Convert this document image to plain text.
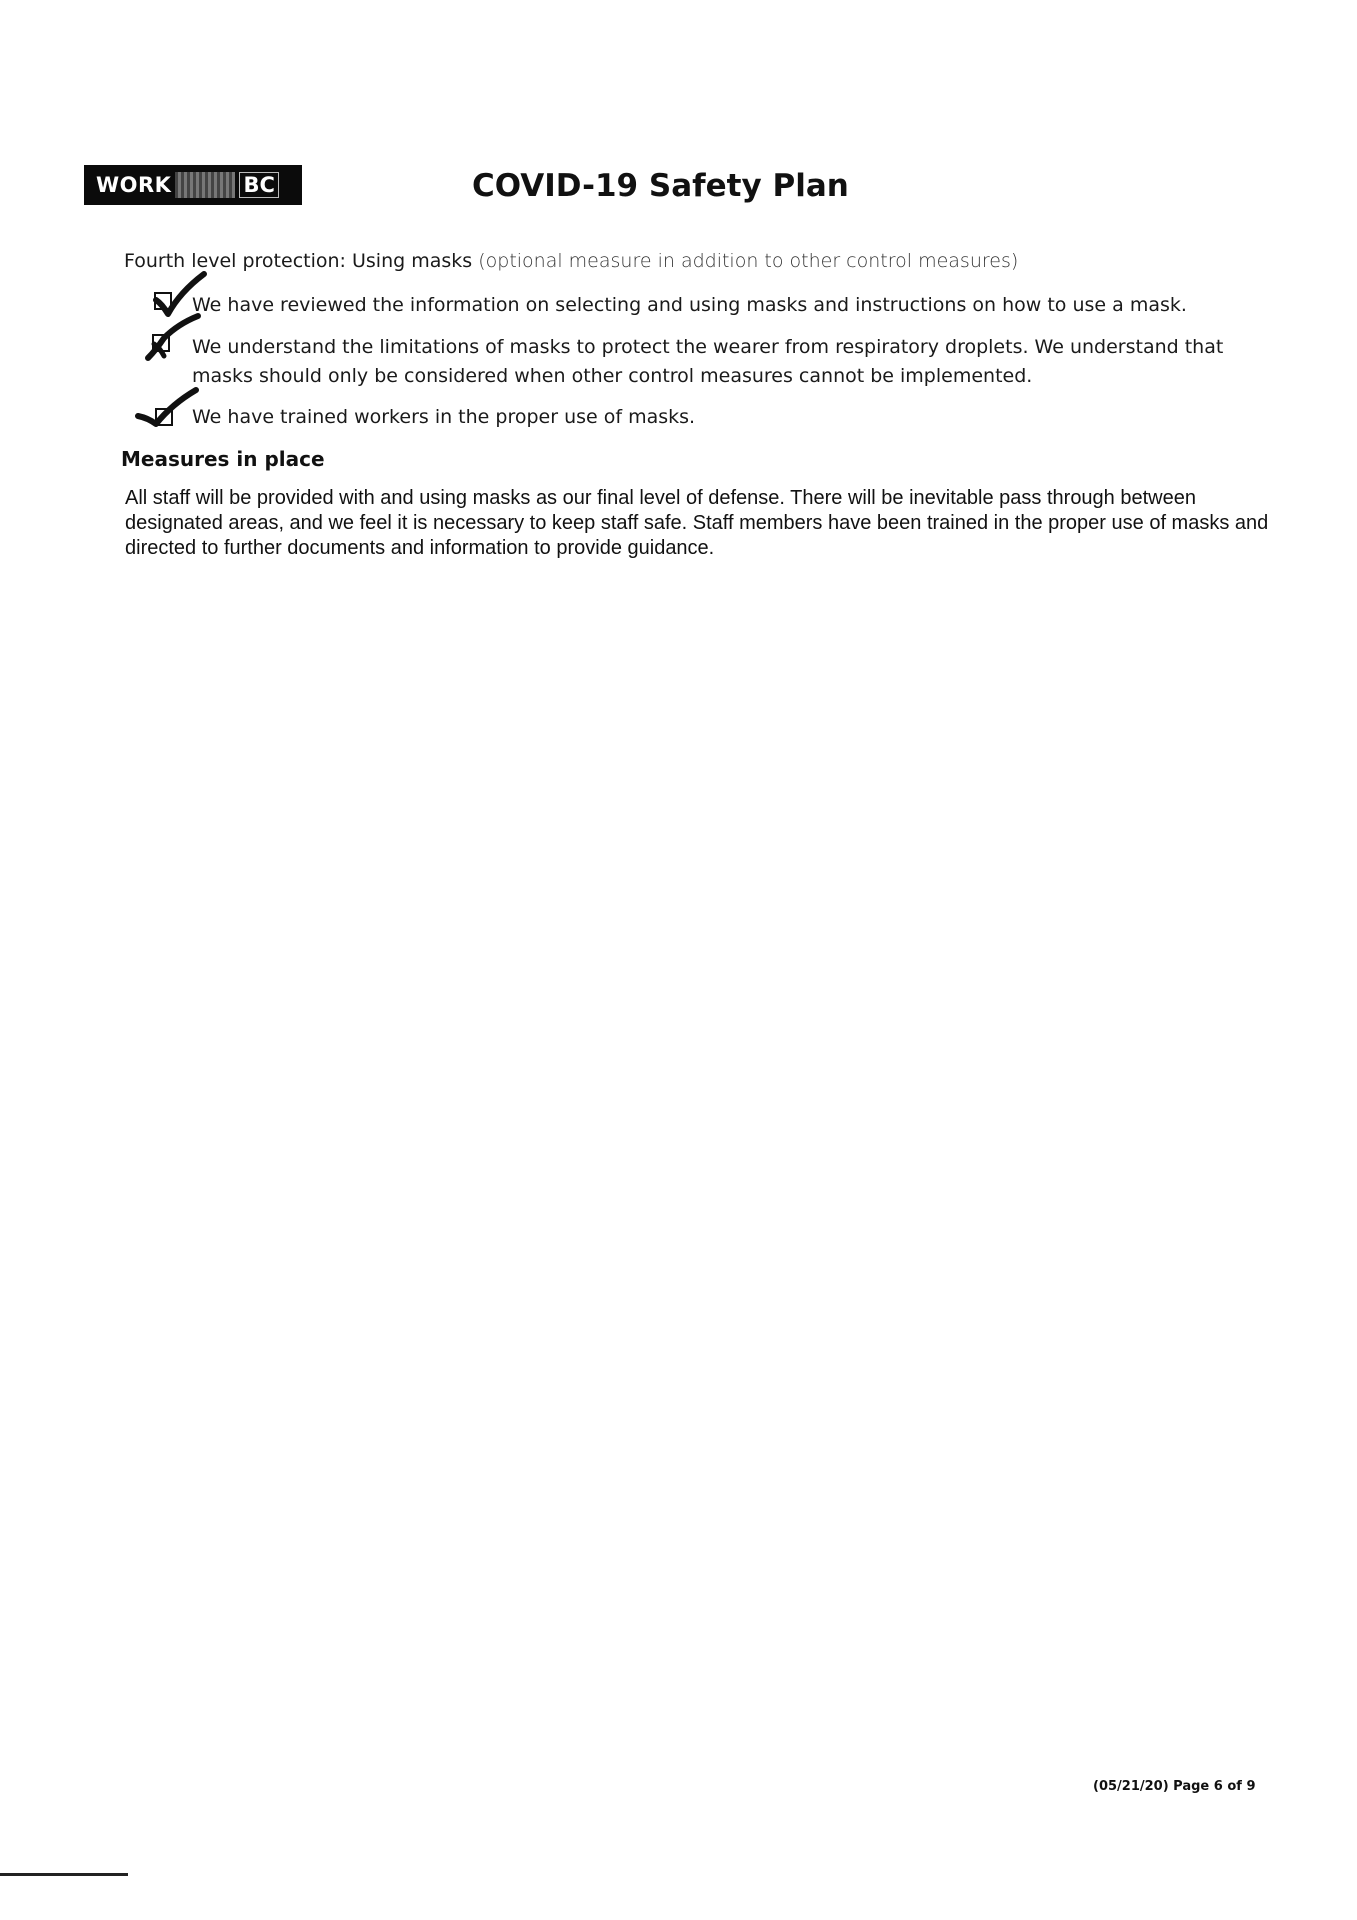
WORK	BC	COVID-19 Safety Plan
Fourth level protection: Using masks (optional measure in addition to other control measures)
We have reviewed the information on selecting and using masks and instructions on how to use a mask.
We understand the limitations of masks to protect the wearer from respiratory droplets. We understand that masks should only be considered when other control measures cannot be implemented.
We have trained workers in the proper use of masks.
Measures in place
All staff will be provided with and using masks as our final level of defense. There will be inevitable pass through between designated areas, and we feel it is necessary to keep staff safe. Staff members have been trained in the proper use of masks and directed to further documents and information to provide guidance.
(05/21/20) Page 6 of 9
